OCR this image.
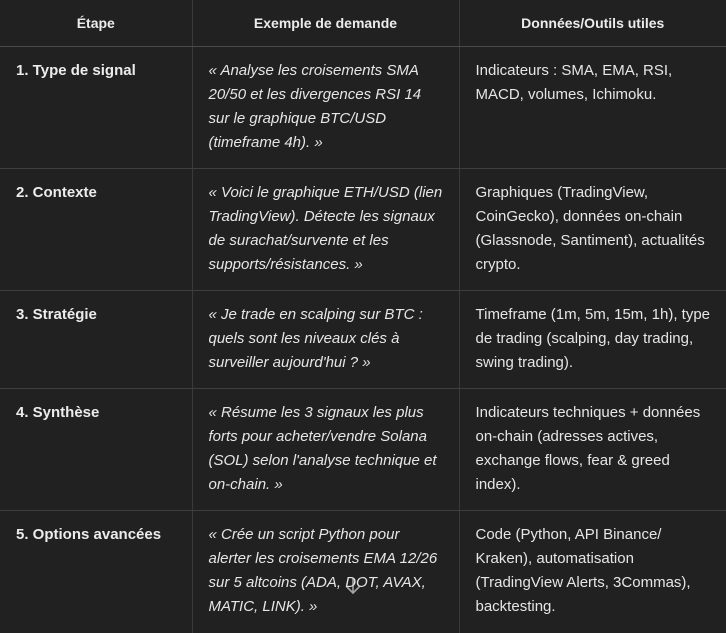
Étape	Exemple de demande	Données/Outils utiles
1. Type de signal	« Analyse les croisements SMA 20/50 et les divergences RSI 14 sur le graphique BTC/USD (timeframe 4h). »	Indicateurs : SMA, EMA, RSI, MACD, volumes, Ichimoku.
2. Contexte	« Voici le graphique ETH/USD (lien TradingView). Détecte les signaux de surachat/survente et les supports/résistances. »	Graphiques (TradingView, CoinGecko), données on-chain (Glassnode, Santiment), actualités crypto.
3. Stratégie	« Je trade en scalping sur BTC : quels sont les niveaux clés à surveiller aujourd'hui ? »	Timeframe (1m, 5m, 15m, 1h), type de trading (scalping, day trading, swing trading).
4. Synthèse	« Résume les 3 signaux les plus forts pour acheter/vendre Solana (SOL) selon l'analyse technique et on-chain. »	Indicateurs techniques + données on-chain (adresses actives, exchange flows, fear & greed index).
5. Options avancées	« Crée un script Python pour alerter les croisements EMA 12/26 sur 5 altcoins (ADA, DOT, AVAX, MATIC, LINK). »	Code (Python, API Binance/ Kraken), automatisation (TradingView Alerts, 3Commas), backtesting.
